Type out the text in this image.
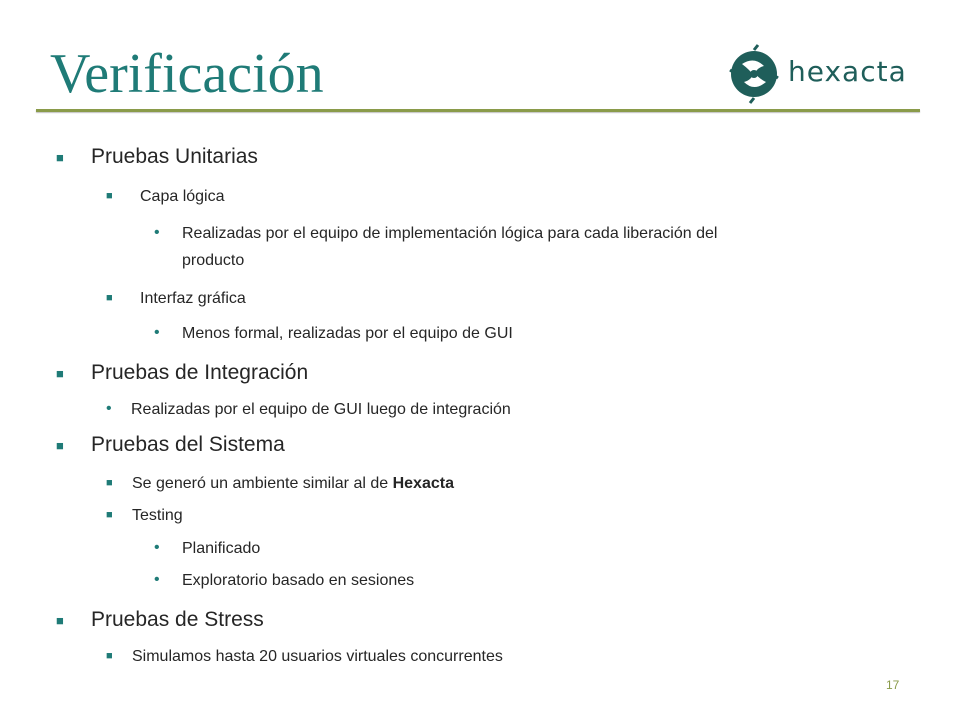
Verificación	hexacta
■ Pruebas Unitarias
■ Capa lógica
• Realizadas por el equipo de implementación lógica para cada liberación del
producto
■ Interfaz gráfica
• Menos formal, realizadas por el equipo de GUI
■ Pruebas de Integración
• Realizadas por el equipo de GUI luego de integración
■ Pruebas del Sistema
■ Se generó un ambiente similar al de Hexacta
■ Testing
• Planificado
• Exploratorio basado en sesiones
■ Pruebas de Stress
■ Simulamos hasta 20 usuarios virtuales concurrentes
17
